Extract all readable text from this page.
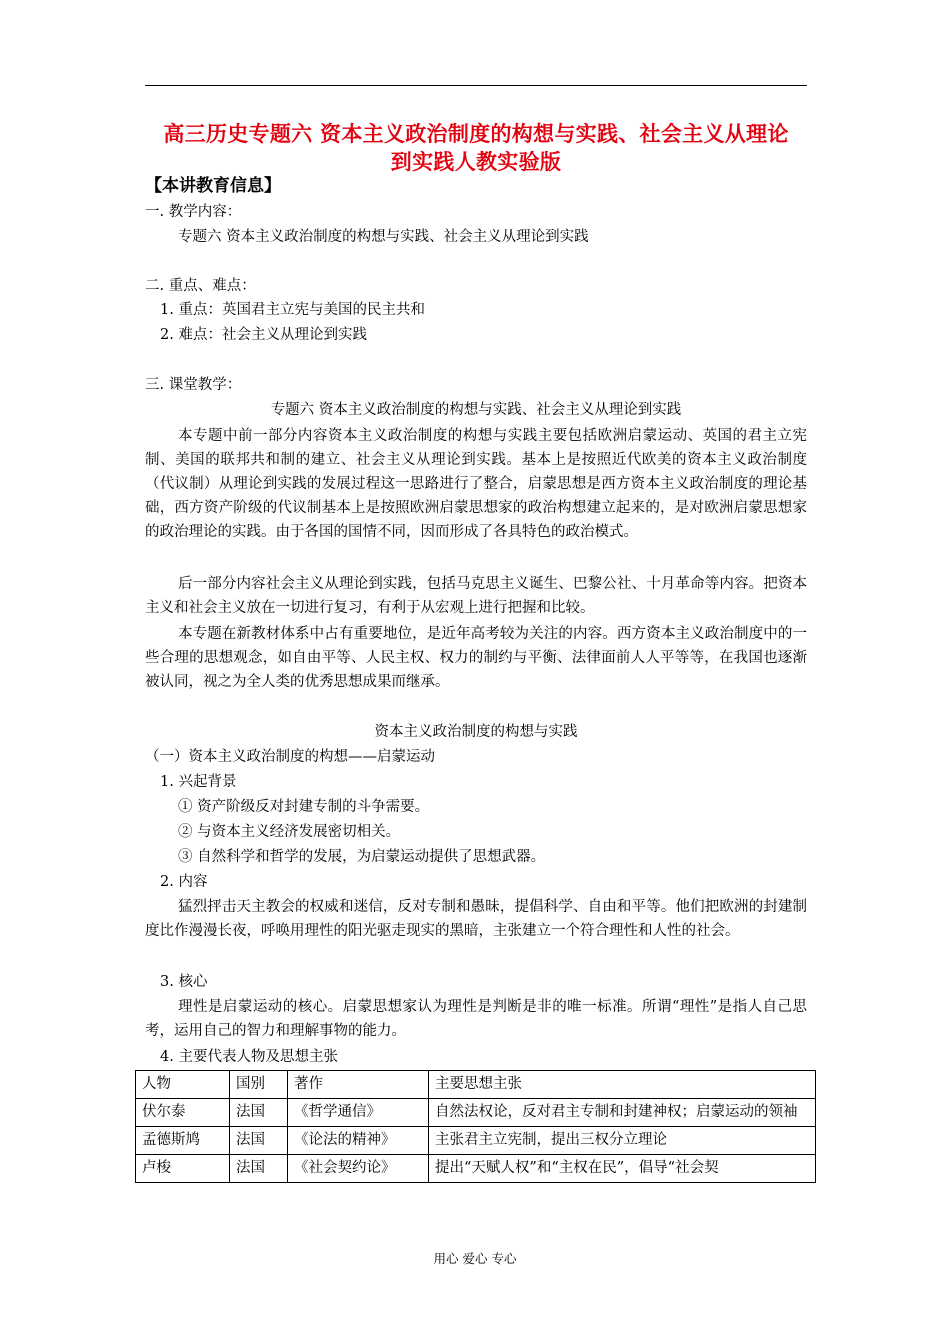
高三历史专题六 资本主义政治制度的构想与实践、社会主义从理论
到实践人教实验版
【本讲教育信息】
一. 教学内容：
专题六 资本主义政治制度的构想与实践、社会主义从理论到实践
二. 重点、难点：
1. 重点：英国君主立宪与美国的民主共和
2. 难点：社会主义从理论到实践
三. 课堂教学：
专题六 资本主义政治制度的构想与实践、社会主义从理论到实践
本专题中前一部分内容资本主义政治制度的构想与实践主要包括欧洲启蒙运动、英国的君主立宪制、美国的联邦共和制的建立、社会主义从理论到实践。基本上是按照近代欧美的资本主义政治制度（代议制）从理论到实践的发展过程这一思路进行了整合，启蒙思想是西方资本主义政治制度的理论基础，西方资产阶级的代议制基本上是按照欧洲启蒙思想家的政治构想建立起来的，是对欧洲启蒙思想家的政治理论的实践。由于各国的国情不同，因而形成了各具特色的政治模式。
后一部分内容社会主义从理论到实践，包括马克思主义诞生、巴黎公社、十月革命等内容。把资本主义和社会主义放在一切进行复习，有利于从宏观上进行把握和比较。
本专题在新教材体系中占有重要地位，是近年高考较为关注的内容。西方资本主义政治制度中的一些合理的思想观念，如自由平等、人民主权、权力的制约与平衡、法律面前人人平等等，在我国也逐渐被认同，视之为全人类的优秀思想成果而继承。
资本主义政治制度的构想与实践
（一）资本主义政治制度的构想——启蒙运动
1. 兴起背景
① 资产阶级反对封建专制的斗争需要。
② 与资本主义经济发展密切相关。
③ 自然科学和哲学的发展，为启蒙运动提供了思想武器。
2. 内容
猛烈抨击天主教会的权威和迷信，反对专制和愚昧，提倡科学、自由和平等。他们把欧洲的封建制度比作漫漫长夜，呼唤用理性的阳光驱走现实的黑暗，主张建立一个符合理性和人性的社会。
3. 核心
理性是启蒙运动的核心。启蒙思想家认为理性是判断是非的唯一标准。所谓“理性”是指人自己思考，运用自己的智力和理解事物的能力。
4. 主要代表人物及思想主张
人物	国别	著作	主要思想主张
伏尔泰	法国	《哲学通信》	自然法权论，反对君主专制和封建神权；启蒙运动的领袖
孟德斯鸠	法国	《论法的精神》	主张君主立宪制，提出三权分立理论
卢梭	法国	《社会契约论》	提出“天赋人权”和“主权在民”，倡导“社会契
用心 爱心 专心
